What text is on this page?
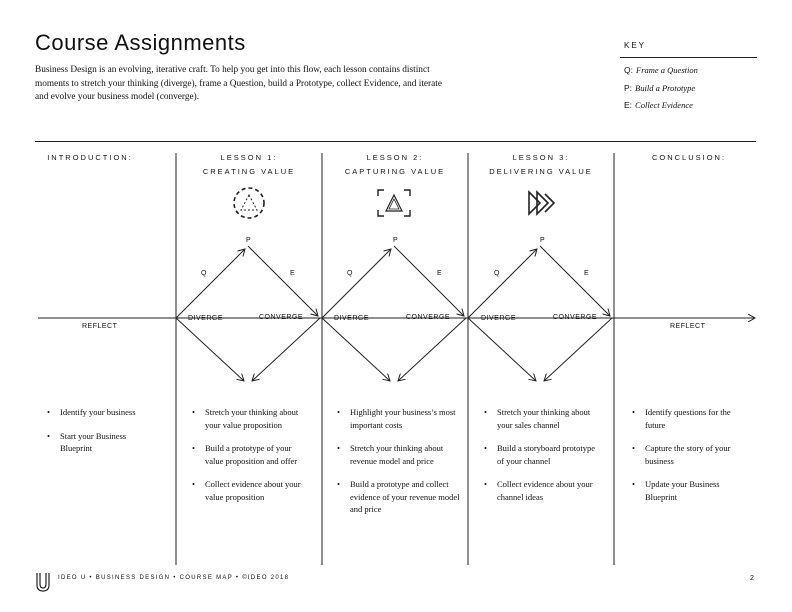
Course Assignments
Business Design is an evolving, iterative craft. To help you get into this flow, each lesson contains distinct moments to stretch your thinking (diverge), frame a Question, build a Prototype, collect Evidence, and iterate and evolve your business model (converge).
KEY
Q : Frame a Question
P : Build a Prototype
E : Collect Evidence
INTRODUCTION:	LESSON 1:
CREATING VALUE
LESSON 2:
CAPTURING VALUE
LESSON 3:
DELIVERING VALUE
CONCLUSION:
P
Q	E
P
Q	E
P
Q	E
REFLECT	REFLECT
DIVERGE	CONVERGE	DIVERGE	CONVERGE	DIVERGE	CONVERGE
• Identify your business
• Start your Business Blueprint
• Stretch your thinking about your value proposition
• Build a prototype of your value proposition and offer
• Collect evidence about your value proposition
• Highlight your business’s most important costs
• Stretch your thinking about revenue model and price
• Build a prototype and collect evidence of your revenue model and price
• Stretch your thinking about your sales channel
• Build a storyboard prototype of your channel
• Collect evidence about your channel ideas
• Identify questions for the future
• Capture the story of your business
• Update your Business Blueprint
IDEO U • BUSINESS DESIGN • COURSE MAP • ©IDEO 2018	2
